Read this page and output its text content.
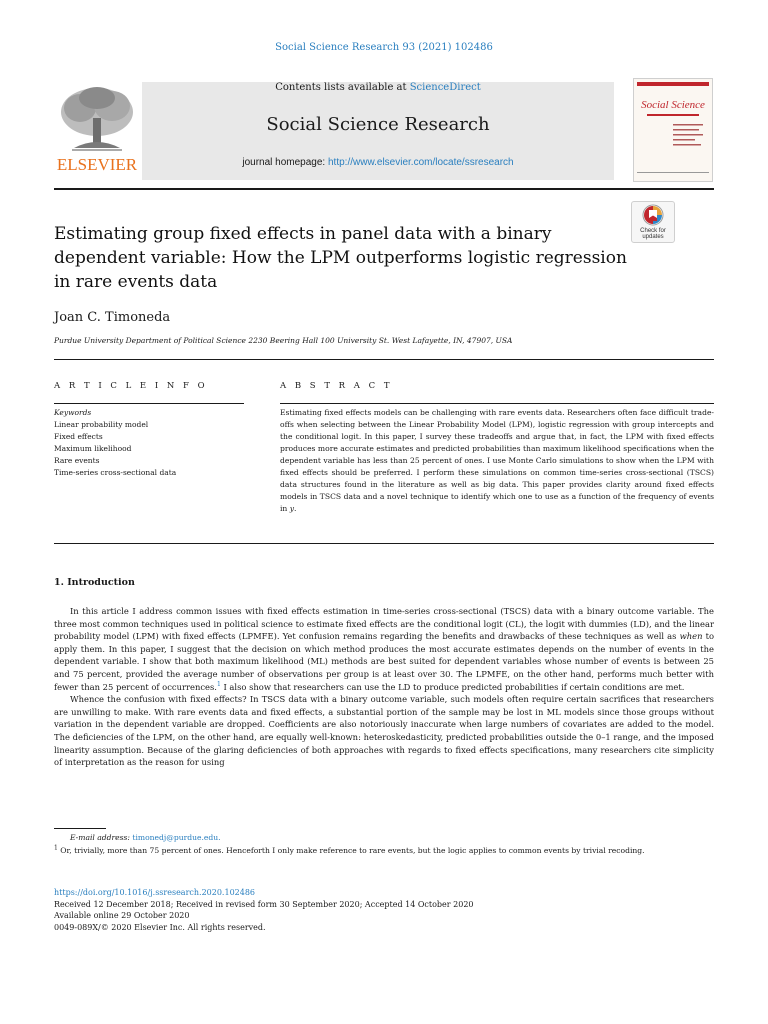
Social Science Research 93 (2021) 102486
Contents lists available at ScienceDirect
Social Science Research
journal homepage: http://www.elsevier.com/locate/ssresearch
ELSEVIER
Social Science
Estimating group fixed effects in panel data with a binary
dependent variable: How the LPM outperforms logistic regression
in rare events data
Check for
updates
Joan C. Timoneda
Purdue University Department of Political Science 2230 Beering Hall 100 University St. West Lafayette, IN, 47907, USA
A R T I C L E I N F O
Keywords
Linear probability model
Fixed effects
Maximum likelihood
Rare events
Time-series cross-sectional data
A B S T R A C T
Estimating fixed effects models can be challenging with rare events data. Researchers often face difficult trade-offs when selecting between the Linear Probability Model (LPM), logistic regression with group intercepts and the conditional logit. In this paper, I survey these tradeoffs and argue that, in fact, the LPM with fixed effects produces more accurate estimates and predicted probabilities than maximum likelihood specifications when the dependent variable has less than 25 percent of ones. I use Monte Carlo simulations to show when the LPM with fixed effects should be preferred. I perform these simulations on common time-series cross-sectional (TSCS) data structures found in the literature as well as big data. This paper provides clarity around fixed effects models in TSCS data and a novel technique to identify which one to use as a function of the frequency of events in y.
1. Introduction

In this article I address common issues with fixed effects estimation in time-series cross-sectional (TSCS) data with a binary outcome variable. The three most common techniques used in political science to estimate fixed effects are the conditional logit (CL), the logit with dummies (LD), and the linear probability model (LPM) with fixed effects (LPMFE). Yet confusion remains regarding the benefits and drawbacks of these techniques as well as when to apply them. In this paper, I suggest that the decision on which method produces the most accurate estimates depends on the number of events in the dependent variable. I show that both maximum likelihood (ML) methods are best suited for dependent variables whose number of events is between 25 and 75 percent, provided the average number of observations per group is at least over 30. The LPMFE, on the other hand, performs much better with fewer than 25 percent of occurrences.$^1$ I also show that researchers can use the LD to produce predicted probabilities if certain conditions are met.

Whence the confusion with fixed effects? In TSCS data with a binary outcome variable, such models often require certain sacrifices that researchers are unwilling to make. With rare events data and fixed effects, a substantial portion of the sample may be lost in ML models since those groups without variation in the dependent variable are dropped. Coefficients are also notoriously inaccurate when large numbers of covariates are added to the model. The deficiencies of the LPM, on the other hand, are equally well-known: heteroskedasticity, predicted probabilities outside the 0–1 range, and the imposed linearity assumption. Because of the glaring deficiencies of both approaches with regards to fixed effects specifications, many researchers cite simplicity of interpretation as the reason for using

E-mail address: timonedj@purdue.edu.
$^1$ Or, trivially, more than 75 percent of ones. Henceforth I only make reference to rare events, but the logic applies to common events by trivial recoding.
https://doi.org/10.1016/j.ssresearch.2020.102486
Received 12 December 2018; Received in revised form 30 September 2020; Accepted 14 October 2020
Available online 29 October 2020
0049-089X/© 2020 Elsevier Inc. All rights reserved.
